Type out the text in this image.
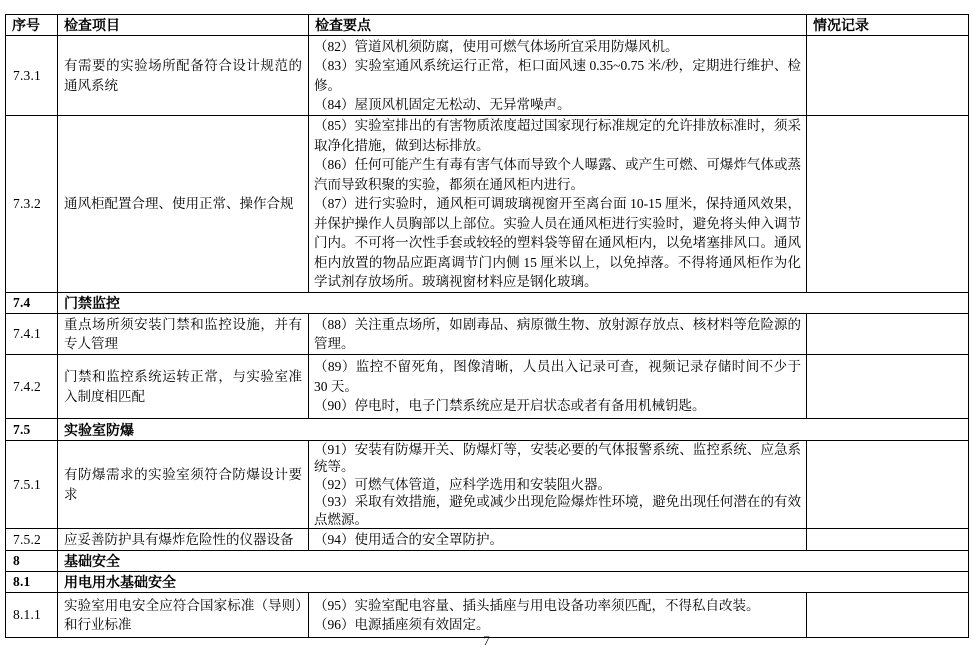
序号	检查项目	检查要点	情况记录
7.3.1	有需要的实验场所配备符合设计规范的通风系统	（82）管道风机须防腐，使用可燃气体场所宜采用防爆风机。
（83）实验室通风系统运行正常，柜口面风速 0.35~0.75 米/秒，定期进行维护、检修。
（84）屋顶风机固定无松动、无异常噪声。	

7.3.2	通风柜配置合理、使用正常、操作合规	（85）实验室排出的有害物质浓度超过国家现行标准规定的允许排放标准时，须采取净化措施，做到达标排放。
（86）任何可能产生有毒有害气体而导致个人曝露、或产生可燃、可爆炸气体或蒸汽而导致积聚的实验，都须在通风柜内进行。
（87）进行实验时，通风柜可调玻璃视窗开至离台面 10-15 厘米，保持通风效果，并保护操作人员胸部以上部位。实验人员在通风柜进行实验时，避免将头伸入调节门内。不可将一次性手套或较轻的塑料袋等留在通风柜内，以免堵塞排风口。通风柜内放置的物品应距离调节门内侧 15 厘米以上，以免掉落。不得将通风柜作为化学试剂存放场所。玻璃视窗材料应是钢化玻璃。	

7.4	门禁监控		
7.4.1	重点场所须安装门禁和监控设施，并有专人管理	（88）关注重点场所，如剧毒品、病原微生物、放射源存放点、核材料等危险源的管理。	

7.4.2	门禁和监控系统运转正常，与实验室准入制度相匹配	（89）监控不留死角，图像清晰，人员出入记录可查，视频记录存储时间不少于 30 天。
（90）停电时，电子门禁系统应是开启状态或者有备用机械钥匙。	

7.5	实验室防爆		
7.5.1	有防爆需求的实验室须符合防爆设计要求	（91）安装有防爆开关、防爆灯等，安装必要的气体报警系统、监控系统、应急系统等。
（92）可燃气体管道，应科学选用和安装阻火器。
（93）采取有效措施，避免或减少出现危险爆炸性环境，避免出现任何潜在的有效点燃源。	

7.5.2	应妥善防护具有爆炸危险性的仪器设备	（94）使用适合的安全罩防护。	

8	基础安全		
8.1	用电用水基础安全		
8.1.1	实验室用电安全应符合国家标准（导则）和行业标准	（95）实验室配电容量、插头插座与用电设备功率须匹配，不得私自改装。
（96）电源插座须有效固定。	

7
